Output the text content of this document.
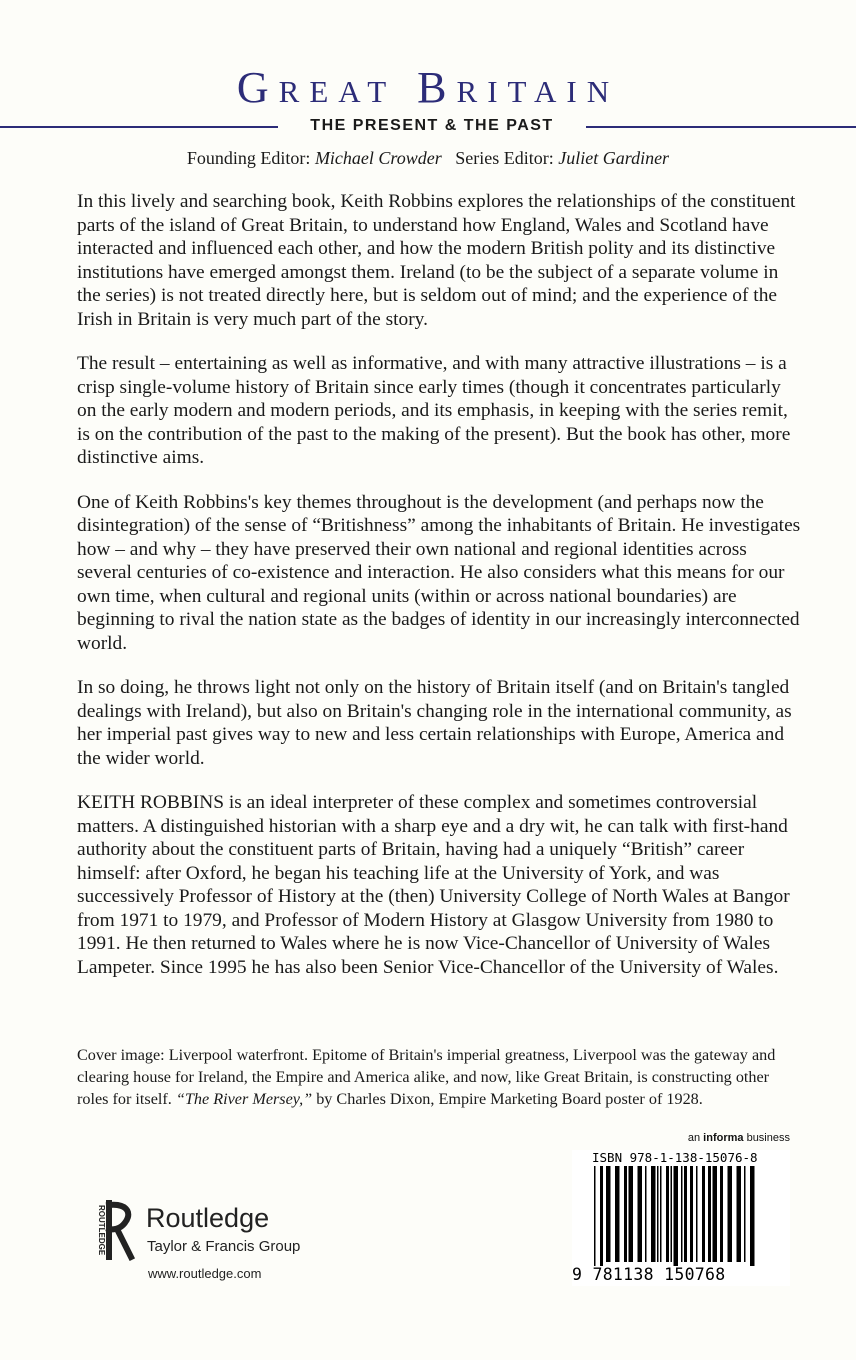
Great Britain
THE PRESENT & THE PAST
Founding Editor: Michael Crowder Series Editor: Juliet Gardiner

In this lively and searching book, Keith Robbins explores the relationships of the constituent parts of the island of Great Britain, to understand how England, Wales and Scotland have interacted and influenced each other, and how the modern British polity and its distinctive institutions have emerged amongst them. Ireland (to be the subject of a separate volume in the series) is not treated directly here, but is seldom out of mind; and the experience of the Irish in Britain is very much part of the story.

The result – entertaining as well as informative, and with many attractive illustrations – is a crisp single-volume history of Britain since early times (though it concentrates particularly on the early modern and modern periods, and its emphasis, in keeping with the series remit, is on the contribution of the past to the making of the present). But the book has other, more distinctive aims.

One of Keith Robbins's key themes throughout is the development (and perhaps now the disintegration) of the sense of “Britishness” among the inhabitants of Britain. He investigates how – and why – they have preserved their own national and regional identities across several centuries of co-existence and interaction. He also considers what this means for our own time, when cultural and regional units (within or across national boundaries) are beginning to rival the nation state as the badges of identity in our increasingly interconnected world.

In so doing, he throws light not only on the history of Britain itself (and on Britain's tangled dealings with Ireland), but also on Britain's changing role in the international community, as her imperial past gives way to new and less certain relationships with Europe, America and the wider world.

KEITH ROBBINS is an ideal interpreter of these complex and sometimes controversial matters. A distinguished historian with a sharp eye and a dry wit, he can talk with first-hand authority about the constituent parts of Britain, having had a uniquely “British” career himself: after Oxford, he began his teaching life at the University of York, and was successively Professor of History at the (then) University College of North Wales at Bangor from 1971 to 1979, and Professor of Modern History at Glasgow University from 1980 to 1991. He then returned to Wales where he is now Vice-Chancellor of University of Wales Lampeter. Since 1995 he has also been Senior Vice-Chancellor of the University of Wales.

Cover image: Liverpool waterfront. Epitome of Britain's imperial greatness, Liverpool was the gateway and clearing house for Ireland, the Empire and America alike, and now, like Great Britain, is constructing other roles for itself. “The River Mersey,” by Charles Dixon, Empire Marketing Board poster of 1928.
an informa business
ISBN 978-1-138-15076-8
9 781138 150768
ROUTLEDGE Routledge
Taylor & Francis Group
www.routledge.com
